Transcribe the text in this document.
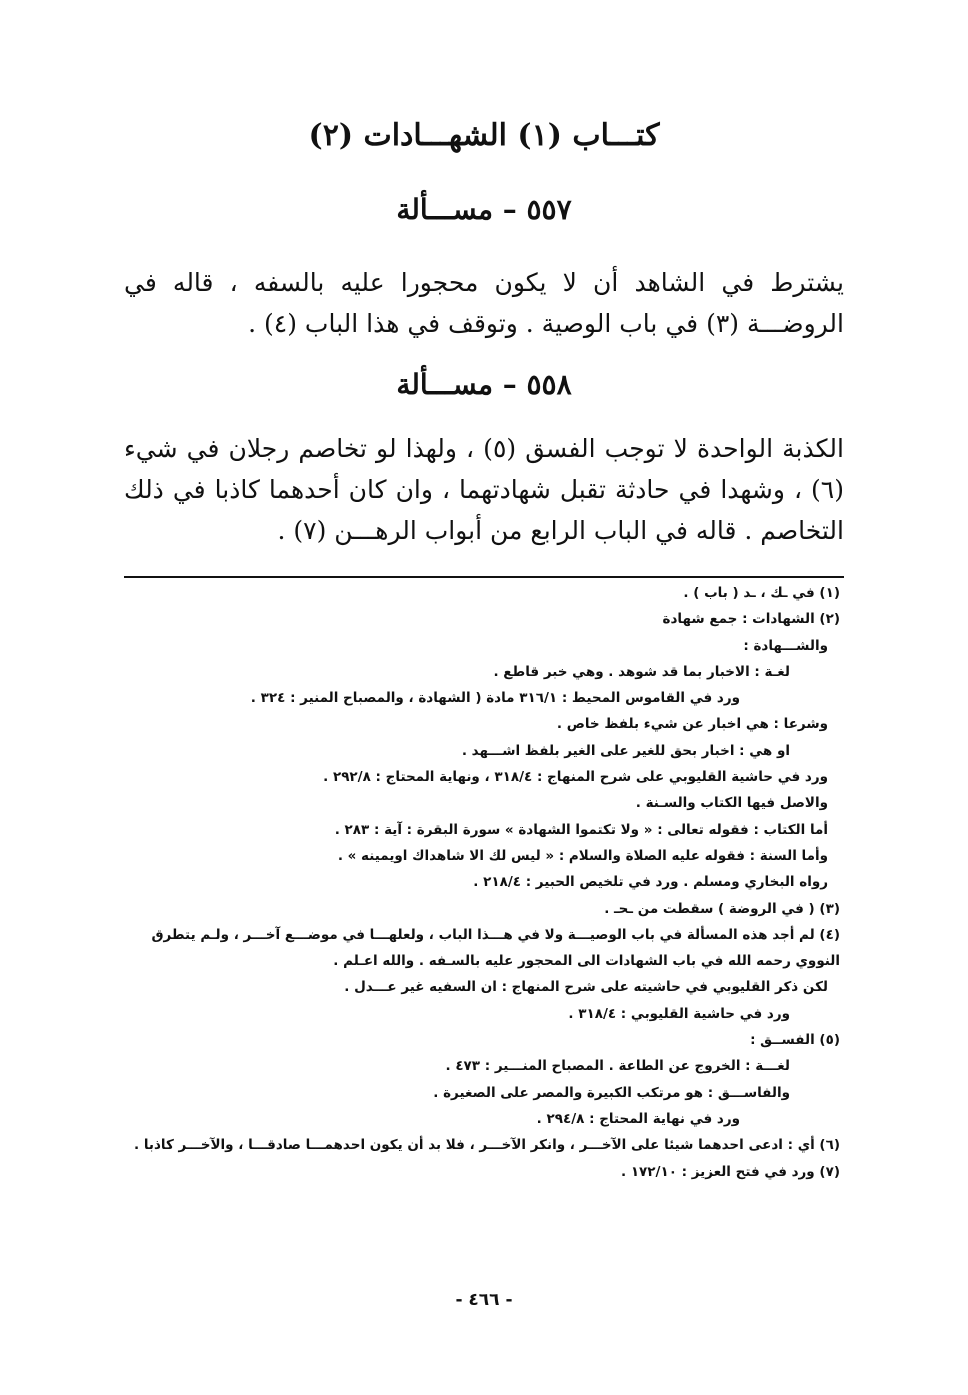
كتـــاب (١) الشهـــادات (٢)
٥٥٧ – مســـألة

يشترط في الشاهد أن لا يكون محجورا عليه بالسفه ، قاله في الروضـــة (٣) في باب الوصية . وتوقف في هذا الباب (٤) .

٥٥٨ – مســـألة

الكذبة الواحدة لا توجب الفسق (٥) ، ولهذا لو تخاصم رجلان في شيء (٦) ، وشهدا في حادثة تقبل شهادتهما ، وان كان أحدهما كاذبا في ذلك التخاصم . قاله في الباب الرابع من أبواب الرهـــن (٧) .

(١) في ـك ، ـد ( باب ) .

(٢) الشهادات : جمع شهادة

والشـــهادة :

لغـة : الاخبار بما قد شوهد . وهي خبر قاطع .

ورد في القاموس المحيط : ٣١٦/١ مادة ( الشهادة ، والمصباح المنير : ٣٢٤ .

وشرعا : هي اخبار عن شيء بلفظ خاص .

او هي : اخبار بحق للغير على الغير بلفظ اشـــهد .

ورد في حاشية القليوبي على شرح المنهاج : ٣١٨/٤ ، ونهاية المحتاج : ٢٩٢/٨ .

والاصل فيها الكتاب والسـنة .

أما الكتاب : فقوله تعالى : « ولا تكتموا الشهادة » سورة البقرة : آية : ٢٨٣ .

وأما السنة : فقوله عليه الصلاة والسلام : « ليس لك الا شاهداك اويمينه » .

رواه البخاري ومسلم . ورد في تلخيص الحبير : ٢١٨/٤ .

(٣) ( في الروضة ) سقطت من ـحـ .

(٤) لم أجد هذه المسألة في باب الوصيـــة ولا في هـــذا الباب ، ولعلهـــا في موضـــع آخـــر ، ولـم يتطرق النووي رحمه الله في باب الشهادات الى المحجور عليه بالسـفه . والله اعـلم .

لكن ذكر القليوبي في حاشيته على شرح المنهاج : ان السفيه غير عـــدل .

ورد في حاشية القليوبي : ٣١٨/٤ .

(٥) الفســق :

لغـــة : الخروج عن الطاعة . المصباح المنـــير : ٤٧٣ .

والفاســـق : هو مرتكب الكبيرة والمصر على الصغيرة .

ورد في نهاية المحتاج : ٢٩٤/٨ .

(٦) أي : ادعى احدهما شيئا على الآخـــر ، وانكر الآخـــر ، فلا بد أن يكون احدهمـــا صادقـــا ، والآخـــر كاذبا .

(٧) ورد في فتح العزيز : ١٧٢/١٠ .

- ٤٦٦ -
